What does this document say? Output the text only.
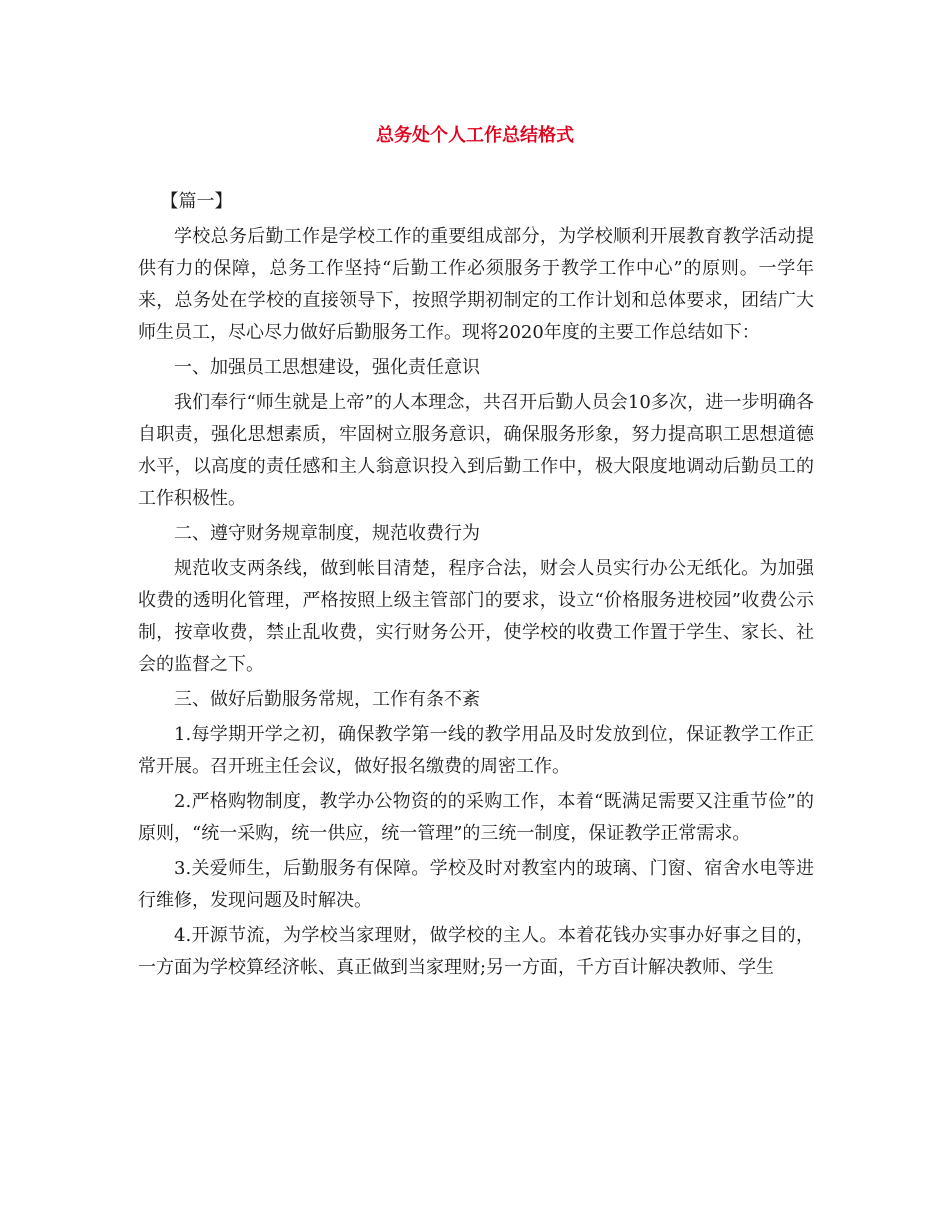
总务处个人工作总结格式

【篇一】

学校总务后勤工作是学校工作的重要组成部分，为学校顺利开展教育教学活动提供有力的保障，总务工作坚持“后勤工作必须服务于教学工作中心”的原则。一学年来，总务处在学校的直接领导下，按照学期初制定的工作计划和总体要求，团结广大师生员工，尽心尽力做好后勤服务工作。现将2020年度的主要工作总结如下：

一、加强员工思想建设，强化责任意识

我们奉行“师生就是上帝”的人本理念，共召开后勤人员会10多次，进一步明确各自职责，强化思想素质，牢固树立服务意识，确保服务形象，努力提高职工思想道德水平，以高度的责任感和主人翁意识投入到后勤工作中，极大限度地调动后勤员工的工作积极性。

二、遵守财务规章制度，规范收费行为

规范收支两条线，做到帐目清楚，程序合法，财会人员实行办公无纸化。为加强收费的透明化管理，严格按照上级主管部门的要求，设立“价格服务进校园”收费公示制，按章收费，禁止乱收费，实行财务公开，使学校的收费工作置于学生、家长、社会的监督之下。

三、做好后勤服务常规，工作有条不紊

1.每学期开学之初，确保教学第一线的教学用品及时发放到位，保证教学工作正常开展。召开班主任会议，做好报名缴费的周密工作。

2.严格购物制度，教学办公物资的的采购工作，本着“既满足需要又注重节俭”的原则，“统一采购，统一供应，统一管理”的三统一制度，保证教学正常需求。

3.关爱师生，后勤服务有保障。学校及时对教室内的玻璃、门窗、宿舍水电等进行维修，发现问题及时解决。

4.开源节流，为学校当家理财，做学校的主人。本着花钱办实事办好事之目的，一方面为学校算经济帐、真正做到当家理财;另一方面，千方百计解决教师、学生
